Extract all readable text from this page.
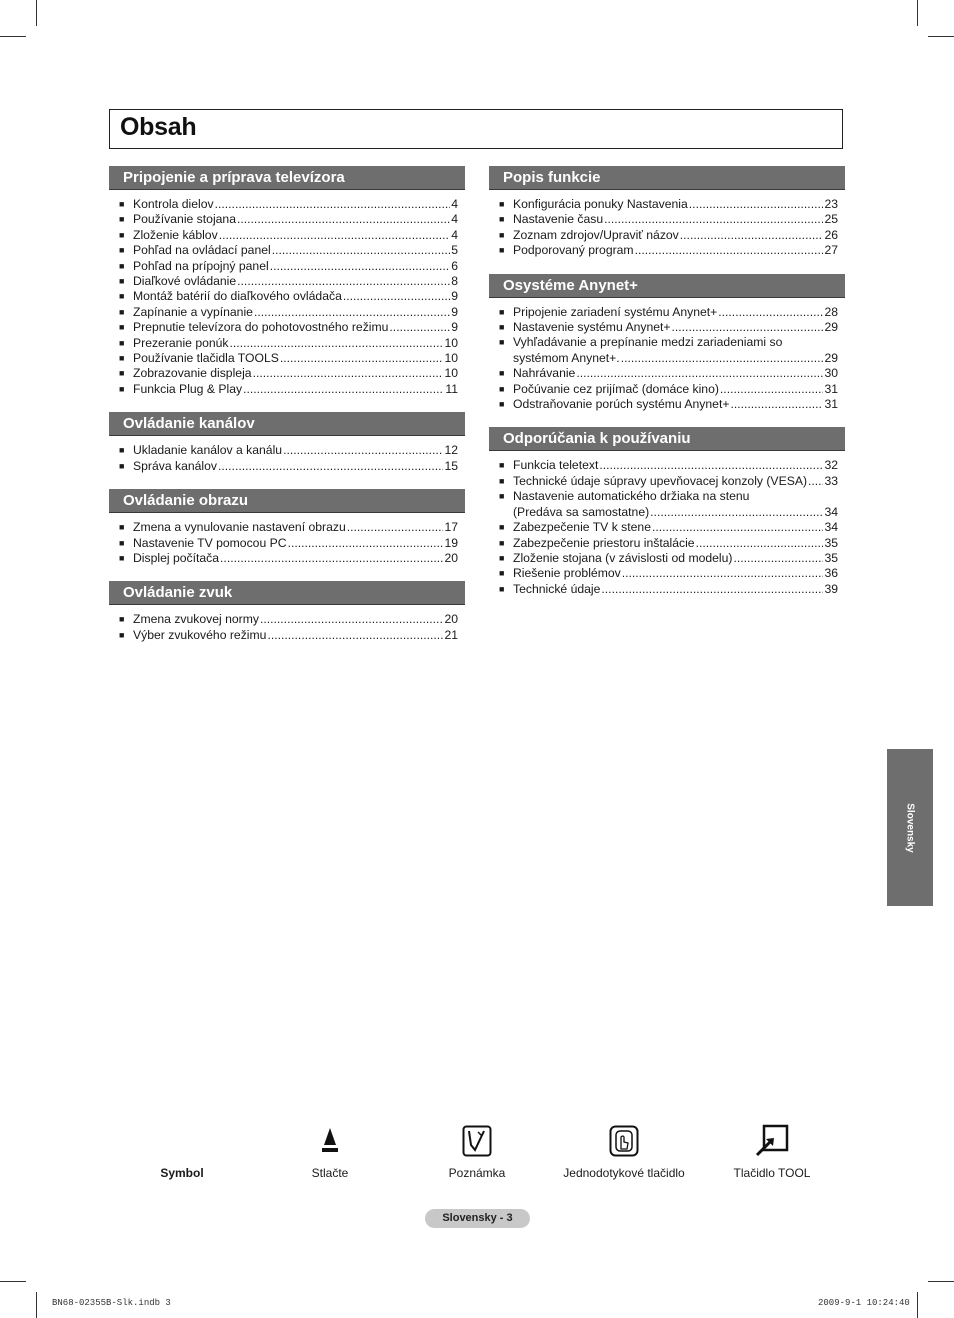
Obsah
Pripojenie a príprava televízora
■ Kontrola dielov .....	4
■ Používanie stojana .....	4
■ Zloženie káblov .....	4
■ Pohľad na ovládací panel .....	5
■ Pohľad na prípojný panel .....	6
■ Diaľkové ovládanie .....	8
■ Montáž batérií do diaľkového ovládača .....	9
■ Zapínanie a vypínanie .....	9
■ Prepnutie televízora do pohotovostného režimu .....	9
■ Prezeranie ponúk .....	10
■ Používanie tlačidla TOOLS .....	10
■ Zobrazovanie displeja .....	10
■ Funkcia Plug & Play .....	11
Ovládanie kanálov
■ Ukladanie kanálov a kanálu .....	12
■ Správa kanálov .....	15
Ovládanie obrazu
■ Zmena a vynulovanie nastavení obrazu .....	17
■ Nastavenie TV pomocou PC .....	19
■ Displej počítača .....	20
Ovládanie zvuk
■ Zmena zvukovej normy .....	20
■ Výber zvukového režimu .....	21
Popis funkcie
■ Konfigurácia ponuky Nastavenia .....	23
■ Nastavenie času .....	25
■ Zoznam zdrojov/Upraviť názov .....	26
■ Podporovaný program .....	27
Osystéme Anynet+
■ Pripojenie zariadení systému Anynet+ .....	28
■ Nastavenie systému Anynet+ .....	29
■ Vyhľadávanie a prepínanie medzi zariadeniami so
systémom Anynet+. .....	29
■ Nahrávanie .....	30
■ Počúvanie cez prijímač (domáce kino) .....	31
■ Odstraňovanie porúch systému Anynet+ .....	31
Odporúčania k používaniu
■ Funkcia teletext .....	32
■ Technické údaje súpravy upevňovacej konzoly (VESA) ..... 33
■ Nastavenie automatického držiaka na stenu
(Predáva sa samostatne) .....	34
■ Zabezpečenie TV k stene .....	34
■ Zabezpečenie priestoru inštalácie .....	35
■ Zloženie stojana (v závislosti od modelu) .....	35
■ Riešenie problémov .....	36
■ Technické údaje .....	39
Slovensky
Symbol	Stlačte	Poznámka	Jednodotykové tlačidlo	Tlačidlo TOOL
Slovensky - 3
BN68-02355B-Slk.indb 3	2009-9-1 10:24:40
